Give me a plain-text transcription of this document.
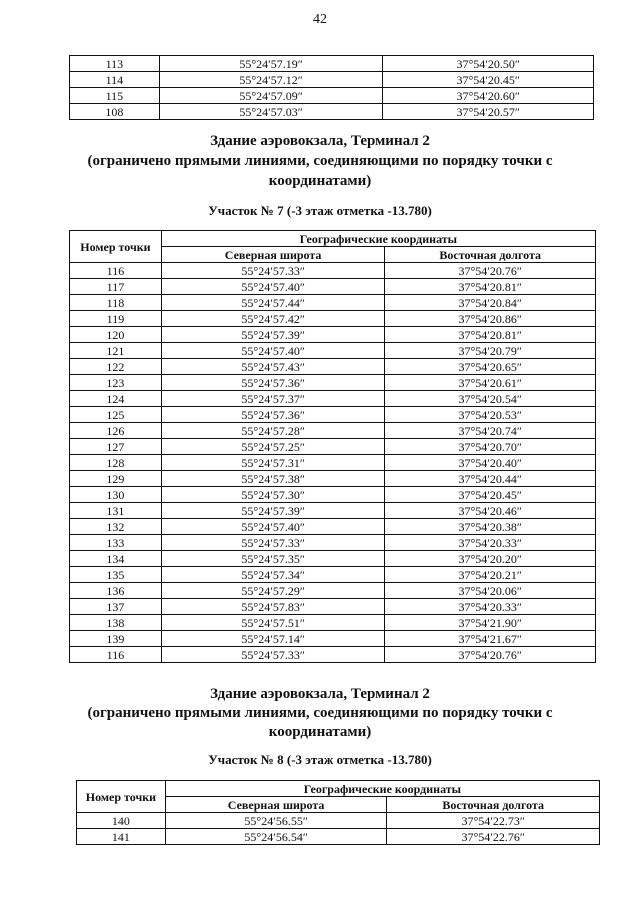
42
113	55°24′57.19″	37°54′20.50″
114	55°24′57.12″	37°54′20.45″
115	55°24′57.09″	37°54′20.60″
108	55°24′57.03″	37°54′20.57″
Здание аэровокзала, Терминал 2
(ограничено прямыми линиями, соединяющими по порядку точки с
координатами)
Участок № 7 (-3 этаж отметка -13.780)
Номер точки	Географические координаты	
	Северная широта	Восточная долгота
116	55°24′57.33″	37°54′20.76″
117	55°24′57.40″	37°54′20.81″
118	55°24′57.44″	37°54′20.84″
119	55°24′57.42″	37°54′20.86″
120	55°24′57.39″	37°54′20.81″
121	55°24′57.40″	37°54′20.79″
122	55°24′57.43″	37°54′20.65″
123	55°24′57.36″	37°54′20.61″
124	55°24′57.37″	37°54′20.54″
125	55°24′57.36″	37°54′20.53″
126	55°24′57.28″	37°54′20.74″
127	55°24′57.25″	37°54′20.70″
128	55°24′57.31″	37°54′20.40″
129	55°24′57.38″	37°54′20.44″
130	55°24′57.30″	37°54′20.45″
131	55°24′57.39″	37°54′20.46″
132	55°24′57.40″	37°54′20.38″
133	55°24′57.33″	37°54′20.33″
134	55°24′57.35″	37°54′20.20″
135	55°24′57.34″	37°54′20.21″
136	55°24′57.29″	37°54′20.06″
137	55°24′57.83″	37°54′20.33″
138	55°24′57.51″	37°54′21.90″
139	55°24′57.14″	37°54′21.67″
116	55°24′57.33″	37°54′20.76″
Здание аэровокзала, Терминал 2
(ограничено прямыми линиями, соединяющими по порядку точки с
координатами)
Участок № 8 (-3 этаж отметка -13.780)
Номер точки	Географические координаты	
	Северная широта	Восточная долгота
140	55°24′56.55″	37°54′22.73″
141	55°24′56.54″	37°54′22.76″
